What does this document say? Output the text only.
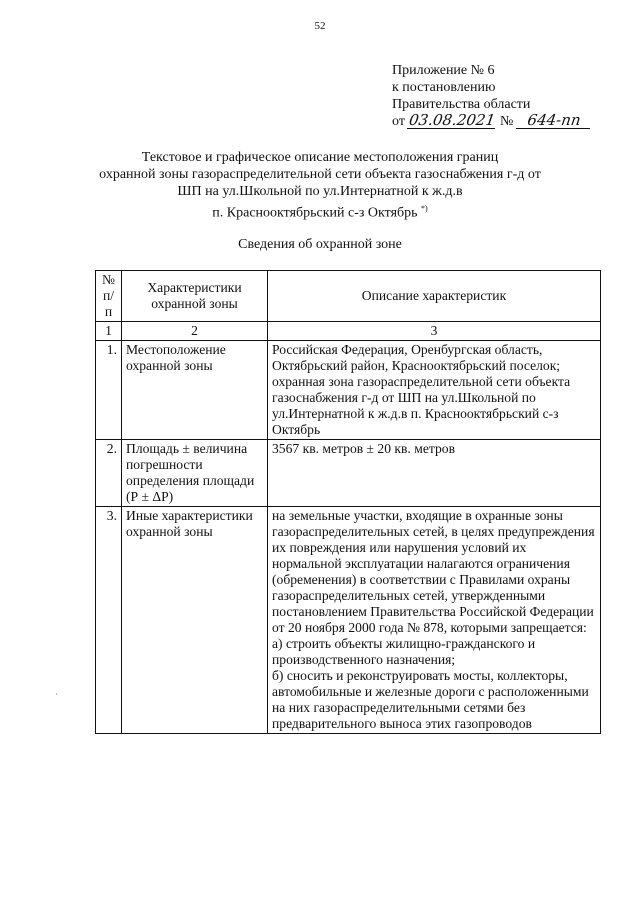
52
Приложение № 6
к постановлению
Правительства области
от 03.08.2021 № 644-пп
Текстовое и графическое описание местоположения границ
охранной зоны газораспределительной сети объекта газоснабжения г-д от
ШП на ул.Школьной по ул.Интернатной к ж.д.в
п. Краснооктябрьский с-з Октябрь *)
Сведения об охранной зоне
№ п/п	Характеристики охранной зоны	Описание характеристик
1	2	3
1.	Местоположение охранной зоны	Российская Федерация, Оренбургская область, Октябрьский район, Краснооктябрьский поселок; охранная зона газораспределительной сети объекта газоснабжения г-д от ШП на ул.Школьной по ул.Интернатной к ж.д.в п. Краснооктябрьский с-з Октябрь
2.	Площадь ± величина погрешности определения площади (Р ± ΔР)	3567 кв. метров ± 20 кв. метров
3.	Иные характеристики охранной зоны	на земельные участки, входящие в охранные зоны газораспределительных сетей, в целях предупреждения их повреждения или нарушения условий их нормальной эксплуатации налагаются ограничения (обременения) в соответствии с Правилами охраны газораспределительных сетей, утвержденными постановлением Правительства Российской Федерации
от 20 ноября 2000 года № 878, которыми запрещается:
а) строить объекты жилищно-гражданского и производственного назначения;
б) сносить и реконструировать мосты, коллекторы, автомобильные и железные дороги с расположенными на них газораспределительными сетями без предварительного выноса этих газопроводов
·
